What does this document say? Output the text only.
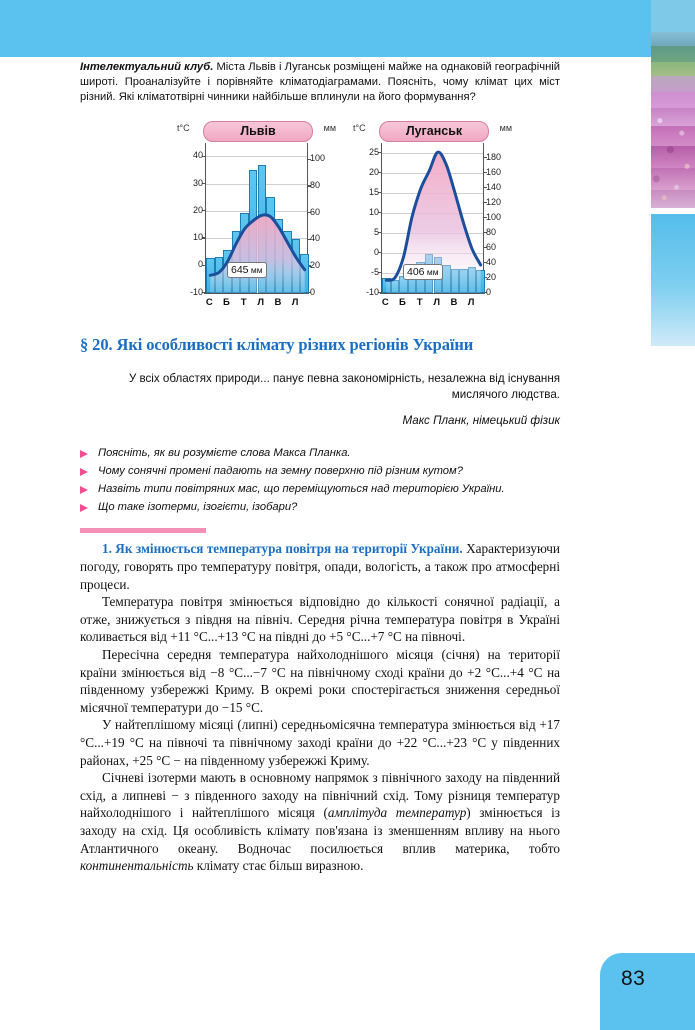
83

Інтелектуальний клуб. Міста Львів і Луганськ розміщені майже на однаковій географічній широті. Проаналізуйте і порівняйте кліматодіаграмами. Поясніть, чому клімат цих міст різний. Які кліматотвірні чинники найбільше вплинули на його формування?

t°C	Львів	мм
40
30
20
10
0
-10
100
80
60
40
20
0
С Б Т Л В Л
645 мм
t°C	Луганськ	мм
25
20
15
10
5
0
-5
-10
180
160
140
120
100
80
60
40
20
0
С Б Т Л В Л
406 мм
§ 20. Які особливості клімату різних регіонів України

У всіх областях природи... панує певна закономірність, незалежна від існування мислячого людства.

Макс Планк, німецький фізик

Поясніть, як ви розумієте слова Макса Планка.
Чому сонячні промені падають на земну поверхню під різним кутом?
Назвіть типи повітряних мас, що переміщуються над територією України.
Що таке ізотерми, ізогієти, ізобари?

1. Як змінюється температура повітря на території України. Характеризуючи погоду, говорять про температуру повітря, опади, вологість, а також про атмосферні процеси.

Температура повітря змінюється відповідно до кількості сонячної радіації, а отже, знижується з півдня на північ. Середня річна температура повітря в Україні коливається від +11 °С...+13 °С на півдні до +5 °С...+7 °С на півночі.

Пересічна середня температура найхолоднішого місяця (січня) на території країни змінюється від −8 °С...−7 °С на північному сході країни до +2 °С...+4 °С на південному узбережжі Криму. В окремі роки спостерігається зниження середньої місячної температури до −15 °С.

У найтеплішому місяці (липні) середньомісячна температура змінюється від +17 °С...+19 °С на півночі та північному заході країни до +22 °С...+23 °С у південних районах, +25 °С − на південному узбережжі Криму.

Січневі ізотерми мають в основному напрямок з північного заходу на південний схід, а липневі − з південного заходу на північний схід. Тому різниця температур найхолоднішого і найтеплішого місяця (амплітуда температур) змінюється із заходу на схід. Ця особливість клімату пов'язана із зменшенням впливу на нього Атлантичного океану. Водночас посилюється вплив материка, тобто континентальність клімату стає більш виразною.
